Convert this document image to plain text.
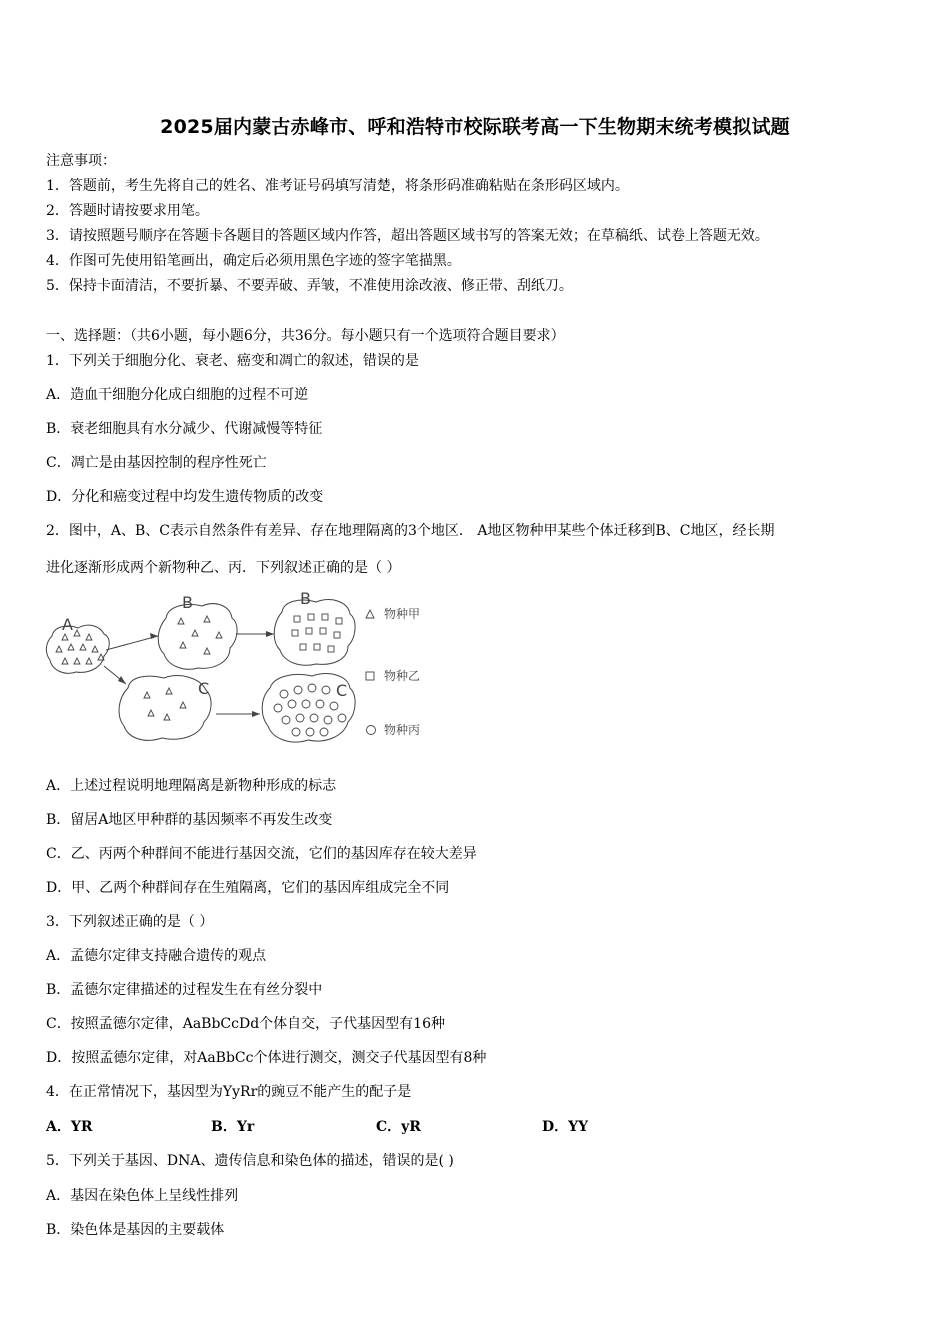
2025届内蒙古赤峰市、呼和浩特市校际联考高一下生物期末统考模拟试题
注意事项：
1．答题前，考生先将自己的姓名、准考证号码填写清楚，将条形码准确粘贴在条形码区域内。
2．答题时请按要求用笔。
3．请按照题号顺序在答题卡各题目的答题区域内作答，超出答题区域书写的答案无效；在草稿纸、试卷上答题无效。
4．作图可先使用铅笔画出，确定后必须用黑色字迹的签字笔描黑。
5．保持卡面清洁，不要折暴、不要弄破、弄皱，不准使用涂改液、修正带、刮纸刀。
一、选择题：（共6小题，每小题6分，共36分。每小题只有一个选项符合题目要求）
1．下列关于细胞分化、衰老、癌变和凋亡的叙述，错误的是
A．造血干细胞分化成白细胞的过程不可逆
B．衰老细胞具有水分减少、代谢减慢等特征
C．凋亡是由基因控制的程序性死亡
D．分化和癌变过程中均发生遗传物质的改变
2．图中，A、B、C表示自然条件有差异、存在地理隔离的3个地区． A地区物种甲某些个体迁移到B、C地区，经长期
进化逐渐形成两个新物种乙、丙．下列叙述正确的是（ ）
A
B	B
C	C
物种甲
物种乙
物种丙
A．上述过程说明地理隔离是新物种形成的标志
B．留居A地区甲种群的基因频率不再发生改变
C．乙、丙两个种群间不能进行基因交流，它们的基因库存在较大差异
D．甲、乙两个种群间存在生殖隔离，它们的基因库组成完全不同
3．下列叙述正确的是（ ）
A．孟德尔定律支持融合遗传的观点
B．孟德尔定律描述的过程发生在有丝分裂中
C．按照孟德尔定律，AaBbCcDd个体自交，子代基因型有16种
D．按照孟德尔定律，对AaBbCc个体进行测交，测交子代基因型有8种
4．在正常情况下，基因型为YyRr的豌豆不能产生的配子是
A．YR	B．Yr	C．yR	D．YY
5．下列关于基因、DNA、遗传信息和染色体的描述，错误的是( )
A．基因在染色体上呈线性排列
B．染色体是基因的主要载体
